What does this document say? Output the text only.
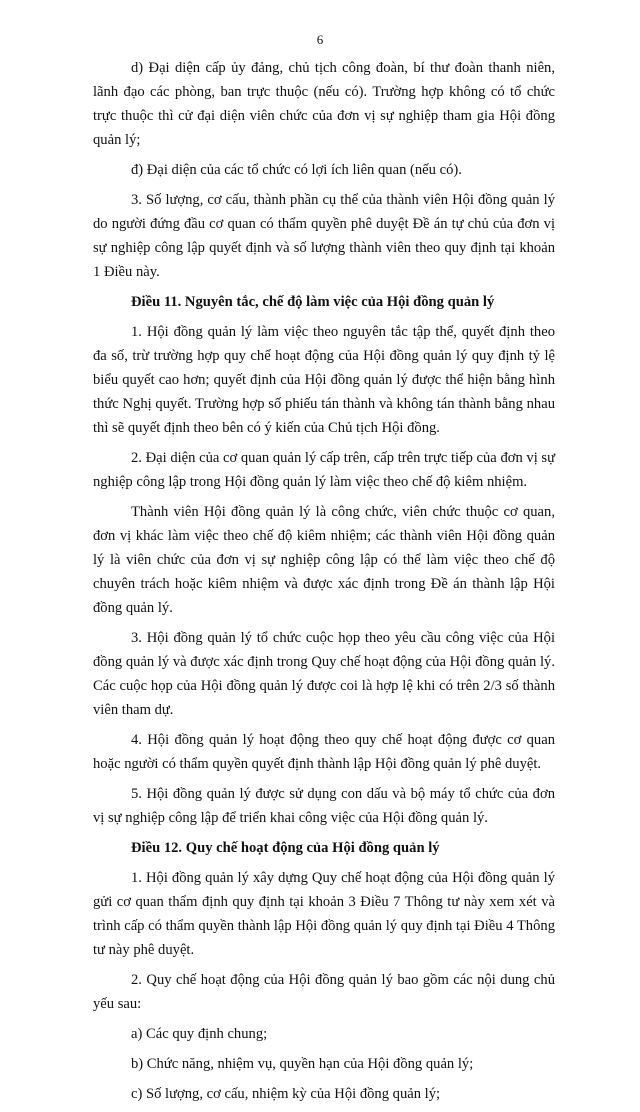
6

d) Đại diện cấp ủy đảng, chủ tịch công đoàn, bí thư đoàn thanh niên, lãnh đạo các phòng, ban trực thuộc (nếu có). Trường hợp không có tổ chức trực thuộc thì cử đại diện viên chức của đơn vị sự nghiệp tham gia Hội đồng quản lý;

đ) Đại diện của các tổ chức có lợi ích liên quan (nếu có).

3. Số lượng, cơ cấu, thành phần cụ thể của thành viên Hội đồng quản lý do người đứng đầu cơ quan có thẩm quyền phê duyệt Đề án tự chủ của đơn vị sự nghiệp công lập quyết định và số lượng thành viên theo quy định tại khoản 1 Điều này.

Điều 11. Nguyên tắc, chế độ làm việc của Hội đồng quản lý

1. Hội đồng quản lý làm việc theo nguyên tắc tập thể, quyết định theo đa số, trừ trường hợp quy chế hoạt động của Hội đồng quản lý quy định tỷ lệ biểu quyết cao hơn; quyết định của Hội đồng quản lý được thể hiện bằng hình thức Nghị quyết. Trường hợp số phiếu tán thành và không tán thành bằng nhau thì sẽ quyết định theo bên có ý kiến của Chủ tịch Hội đồng.

2. Đại diện của cơ quan quản lý cấp trên, cấp trên trực tiếp của đơn vị sự nghiệp công lập trong Hội đồng quản lý làm việc theo chế độ kiêm nhiệm.

Thành viên Hội đồng quản lý là công chức, viên chức thuộc cơ quan, đơn vị khác làm việc theo chế độ kiêm nhiệm; các thành viên Hội đồng quản lý là viên chức của đơn vị sự nghiệp công lập có thể làm việc theo chế độ chuyên trách hoặc kiêm nhiệm và được xác định trong Đề án thành lập Hội đồng quản lý.

3. Hội đồng quản lý tổ chức cuộc họp theo yêu cầu công việc của Hội đồng quản lý và được xác định trong Quy chế hoạt động của Hội đồng quản lý. Các cuộc họp của Hội đồng quản lý được coi là hợp lệ khi có trên 2/3 số thành viên tham dự.

4. Hội đồng quản lý hoạt động theo quy chế hoạt động được cơ quan hoặc người có thẩm quyền quyết định thành lập Hội đồng quản lý phê duyệt.

5. Hội đồng quản lý được sử dụng con dấu và bộ máy tổ chức của đơn vị sự nghiệp công lập để triển khai công việc của Hội đồng quản lý.

Điều 12. Quy chế hoạt động của Hội đồng quản lý

1. Hội đồng quản lý xây dựng Quy chế hoạt động của Hội đồng quản lý gửi cơ quan thẩm định quy định tại khoản 3 Điều 7 Thông tư này xem xét và trình cấp có thẩm quyền thành lập Hội đồng quản lý quy định tại Điều 4 Thông tư này phê duyệt.

2. Quy chế hoạt động của Hội đồng quản lý bao gồm các nội dung chủ yếu sau:

a) Các quy định chung;

b) Chức năng, nhiệm vụ, quyền hạn của Hội đồng quản lý;

c) Số lượng, cơ cấu, nhiệm kỳ của Hội đồng quản lý;
